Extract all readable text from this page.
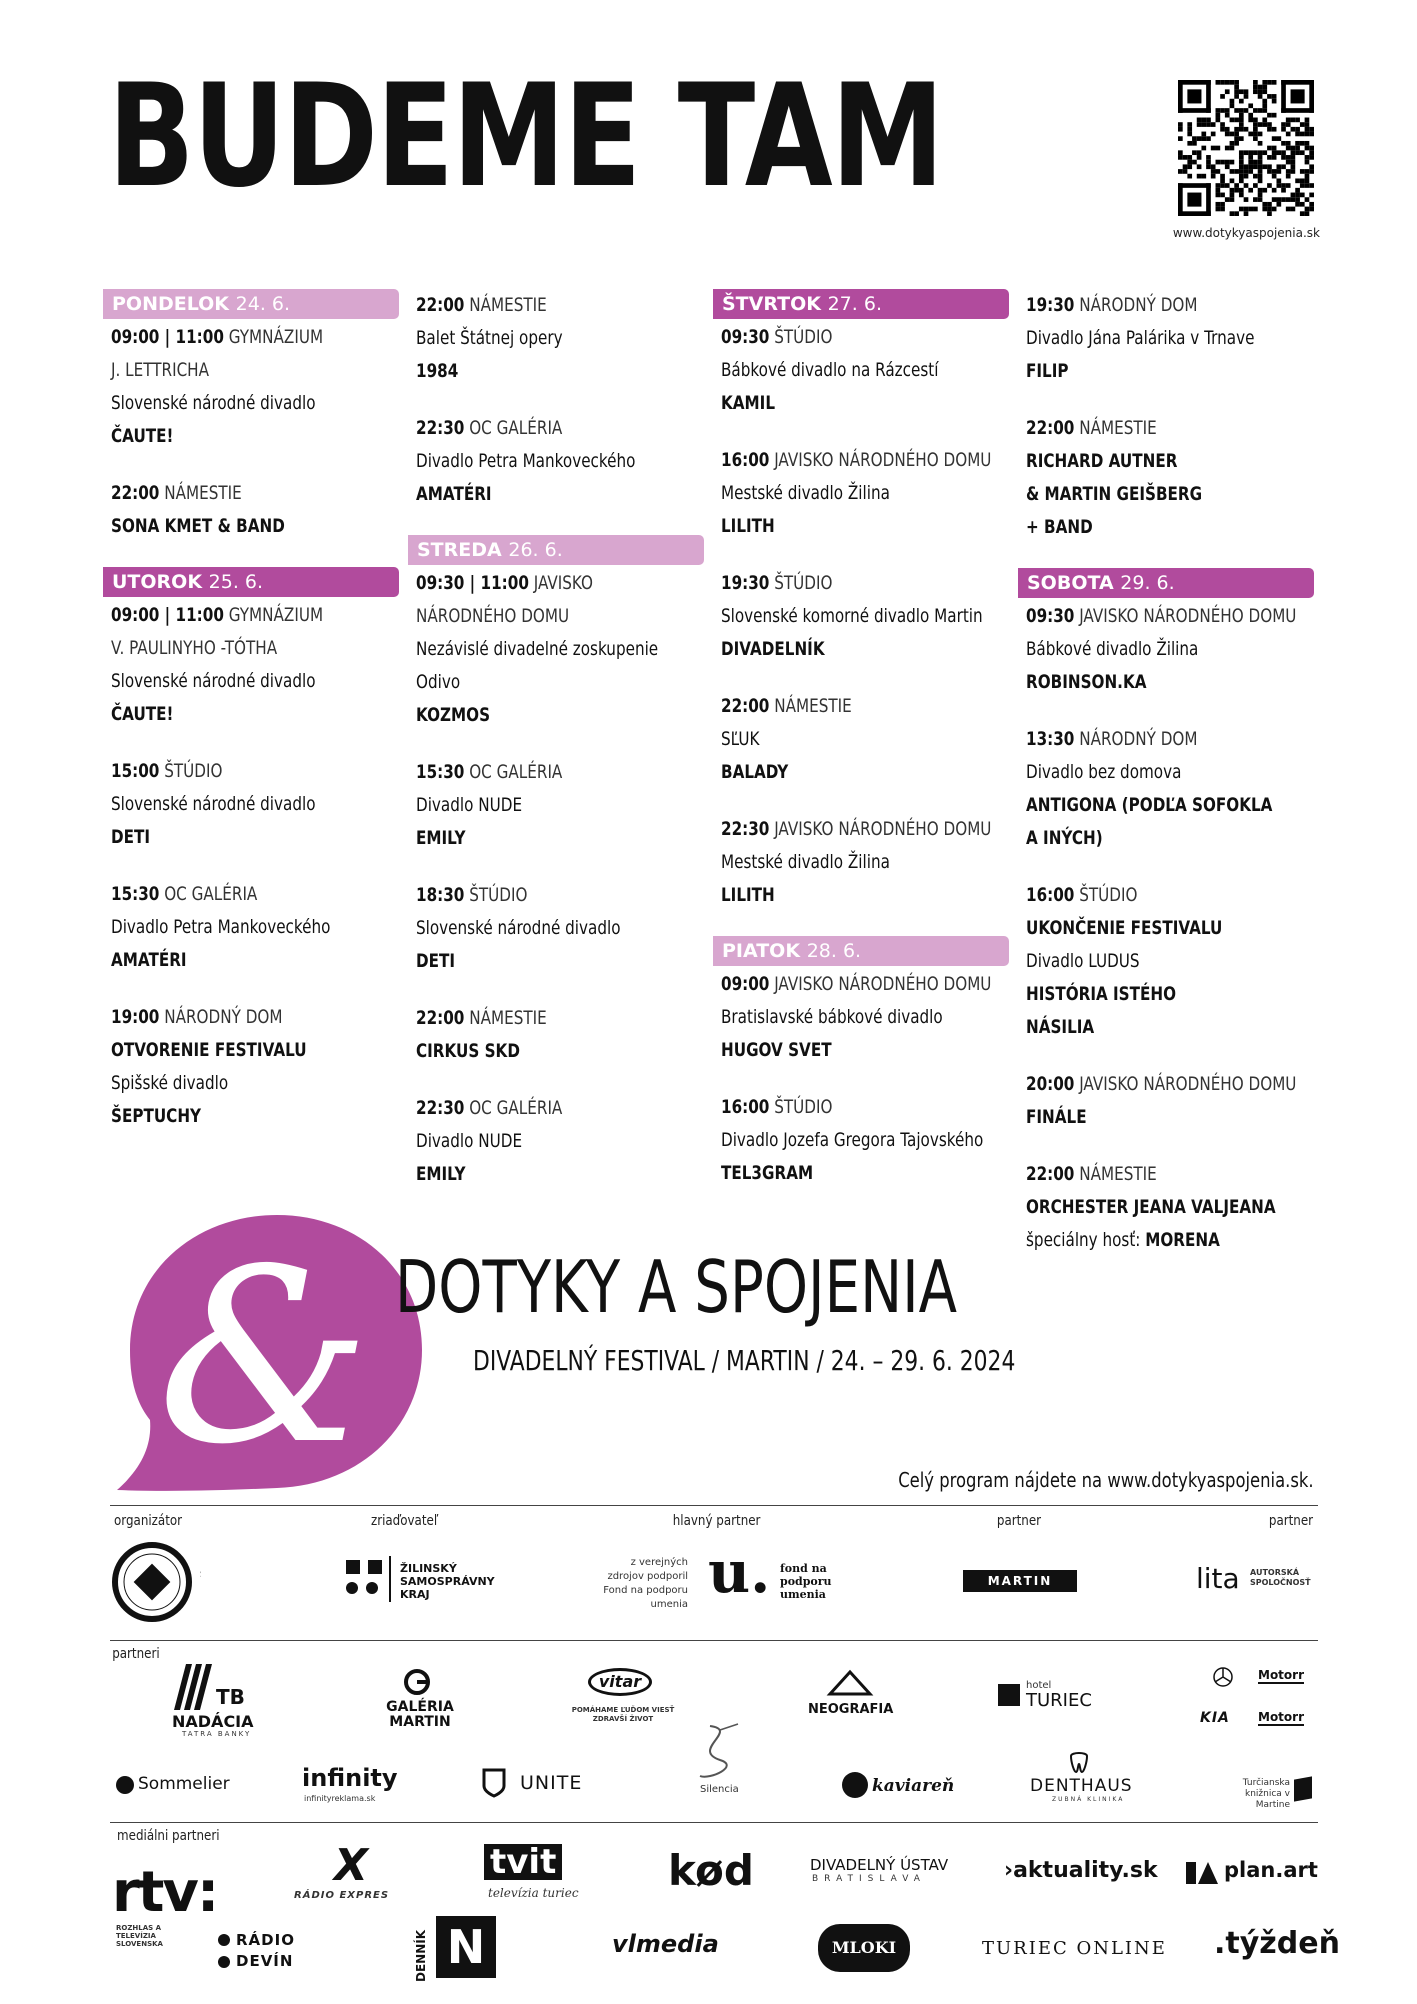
BUDEME TAM
www.dotykyaspojenia.sk
PONDELOK 24. 6.
09:00 | 11:00 GYMNÁZIUM
J. LETTRICHA
Slovenské národné divadlo
ČAUTE!
22:00 NÁMESTIE
SONA KMET & BAND
UTOROK 25. 6.
09:00 | 11:00 GYMNÁZIUM
V. PAULINYHO -TÓTHA
Slovenské národné divadlo
ČAUTE!
15:00 ŠTÚDIO
Slovenské národné divadlo
DETI
15:30 OC GALÉRIA
Divadlo Petra Mankoveckého
AMATÉRI
19:00 NÁRODNÝ DOM
OTVORENIE FESTIVALU
Spišské divadlo
ŠEPTUCHY
22:00 NÁMESTIE
Balet Štátnej opery
1984
22:30 OC GALÉRIA
Divadlo Petra Mankoveckého
AMATÉRI
STREDA 26. 6.
09:30 | 11:00 JAVISKO
NÁRODNÉHO DOMU
Nezávislé divadelné zoskupenie
Odivo
KOZMOS
15:30 OC GALÉRIA
Divadlo NUDE
EMILY
18:30 ŠTÚDIO
Slovenské národné divadlo
DETI
22:00 NÁMESTIE
CIRKUS SKD
22:30 OC GALÉRIA
Divadlo NUDE
EMILY
ŠTVRTOK 27. 6.
09:30 ŠTÚDIO
Bábkové divadlo na Rázcestí
KAMIL
16:00 JAVISKO NÁRODNÉHO DOMU
Mestské divadlo Žilina
LILITH
19:30 ŠTÚDIO
Slovenské komorné divadlo Martin
DIVADELNÍK
22:00 NÁMESTIE
SĽUK
BALADY
22:30 JAVISKO NÁRODNÉHO DOMU
Mestské divadlo Žilina
LILITH
PIATOK 28. 6.
09:00 JAVISKO NÁRODNÉHO DOMU
Bratislavské bábkové divadlo
HUGOV SVET
16:00 ŠTÚDIO
Divadlo Jozefa Gregora Tajovského
TEL3GRAM
19:30 NÁRODNÝ DOM
Divadlo Jána Palárika v Trnave
FILIP
22:00 NÁMESTIE
RICHARD AUTNER
& MARTIN GEIŠBERG
+ BAND
SOBOTA 29. 6.
09:30 JAVISKO NÁRODNÉHO DOMU
Bábkové divadlo Žilina
ROBINSON.KA
13:30 NÁRODNÝ DOM
Divadlo bez domova
ANTIGONA (PODĽA SOFOKLA
A INÝCH)
16:00 ŠTÚDIO
UKONČENIE FESTIVALU
Divadlo LUDUS
HISTÓRIA ISTÉHO
NÁSILIA
20:00 JAVISKO NÁRODNÉHO DOMU
FINÁLE
22:00 NÁMESTIE
ORCHESTER JEANA VALJEANA
špeciálny hosť: MORENA
& DOTYKY A SPOJENIA
DIVADELNÝ FESTIVAL / MARTIN / 24. – 29. 6. 2024
Celý program nájdete na www.dotykyaspojenia.sk.
organizátor	zriaďovateľ	hlavný partner	partner	partner
ŽILINSKÝ SAMOSPRÁVNY KRAJ
z verejných zdrojov podporil Fond na podporu umenia u. fond na podporu umenia
MARTIN	lita AUTORSKÁ SPOLOČNOSŤ
partneri
TB
NADÁCIA
TATRA BANKY
GALÉRIA MARTIN
vitar
POMÁHAME ĽUĎOM VIESŤ ZDRAVŠÍ ŽIVOT
NEOGRAFIA
hotel
TURIEC
Motorr
KIA Motorr
Sommelier	infinity
infinityreklama.sk
UNITE	Silencia	kaviareň	DENTHAUS
ZUBNÁ KLINIKA
Turčianska knižnica v Martine
mediálni partneri
rtv:
ROZHLAS A TELEVÍZIA SLOVENSKA	RÁDIO DEVÍN
X
RÁDIO EXPRES
tvit
televízia turiec kød	DIVADELNÝ ÚSTAV
BRATISLAVA	›aktuality.sk	plan.art
DENNÍK N	vlmedia	MLOKI	TURIEC ONLINE .týždeň
